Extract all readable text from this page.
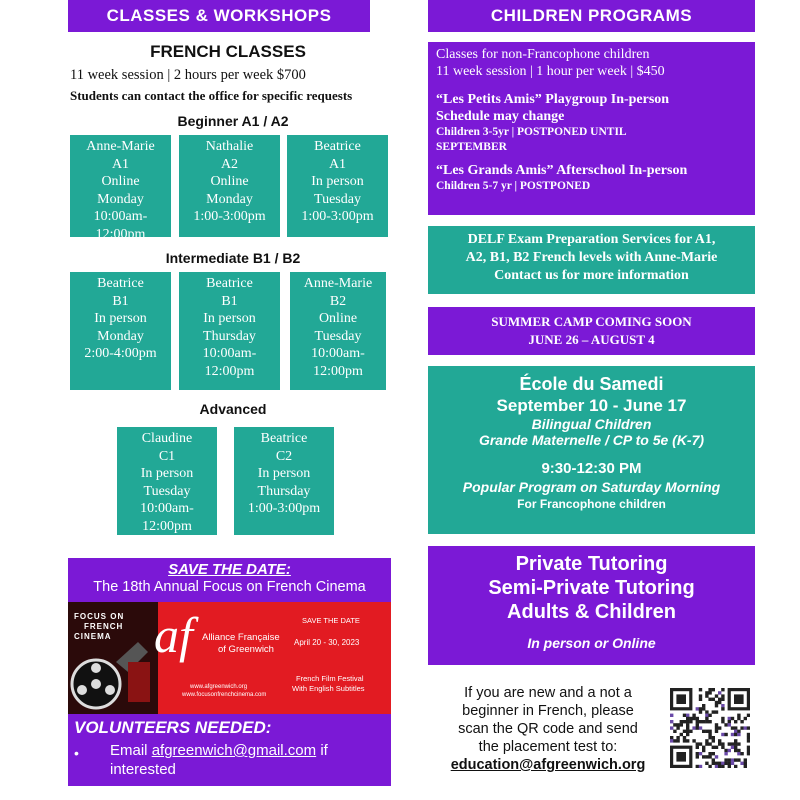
CLASSES & WORKSHOPS	CHILDREN PROGRAMS
FRENCH CLASSES
11 week session | 2 hours per week $700
Students can contact the office for specific requests
Beginner A1 / A2
Intermediate B1 / B2
Advanced
Anne-Marie
A1
Online
Monday
10:00am-
12:00pm
Nathalie
A2
Online
Monday
1:00-3:00pm
Beatrice
A1
In person
Tuesday
1:00-3:00pm
Beatrice
B1
In person
Monday
2:00-4:00pm
Beatrice
B1
In person
Thursday
10:00am-
12:00pm
Anne-Marie
B2
Online
Tuesday
10:00am-
12:00pm
Claudine
C1
In person
Tuesday
10:00am-
12:00pm
Beatrice
C2
In person
Thursday
1:00-3:00pm
SAVE THE DATE:
The 18th Annual Focus on French Cinema
FOCUS ON
FRENCH
CINEMA af Alliance Française
of Greenwich
SAVE THE DATE
April 20 - 30, 2023
French Film Festival
With English Subtitles
www.afgreenwich.org
www.focusonfrenchcinema.com
VOLUNTEERS NEEDED:
• Email afgreenwich@gmail.com if
interested

Classes for non-Francophone children

11 week session | 1 hour per week | $450

“Les Petits Amis” Playgroup In-person

Schedule may change

Children 3-5yr | POSTPONED UNTIL

SEPTEMBER

“Les Grands Amis” Afterschool In-person

Children 5-7 yr | POSTPONED

DELF Exam Preparation Services for A1,
A2, B1, B2 French levels with Anne-Marie
Contact us for more information
SUMMER CAMP COMING SOON
JUNE 26 – AUGUST 4
École du Samedi
September 10 - June 17
Bilingual Children
Grande Maternelle / CP to 5e (K-7)
9:30-12:30 PM
Popular Program on Saturday Morning
For Francophone children
Private Tutoring
Semi-Private Tutoring
Adults & Children
In person or Online
If you are new and a not a
beginner in French, please
scan the QR code and send
the placement test to:
education@afgreenwich.org
